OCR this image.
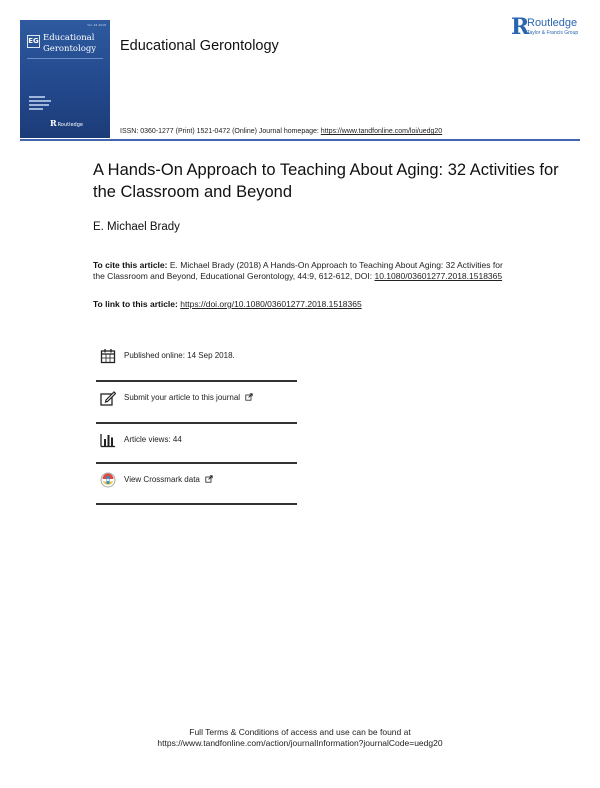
Vol. 44 2018
EG Educational
Gerontology
RRoutledge
Educational Gerontology
R
Routledge
Taylor & Francis Group
ISSN: 0360-1277 (Print) 1521-0472 (Online) Journal homepage: https://www.tandfonline.com/loi/uedg20
A Hands-On Approach to Teaching About Aging: 32 Activities for the Classroom and Beyond
E. Michael Brady
To cite this article: E. Michael Brady (2018) A Hands-On Approach to Teaching About Aging: 32 Activities for the Classroom and Beyond, Educational Gerontology, 44:9, 612-612, DOI: 10.1080/03601277.2018.1518365
To link to this article: https://doi.org/10.1080/03601277.2018.1518365
Published online: 14 Sep 2018.
Submit your article to this journal
Article views: 44
View Crossmark data
Full Terms & Conditions of access and use can be found at
https://www.tandfonline.com/action/journalInformation?journalCode=uedg20
